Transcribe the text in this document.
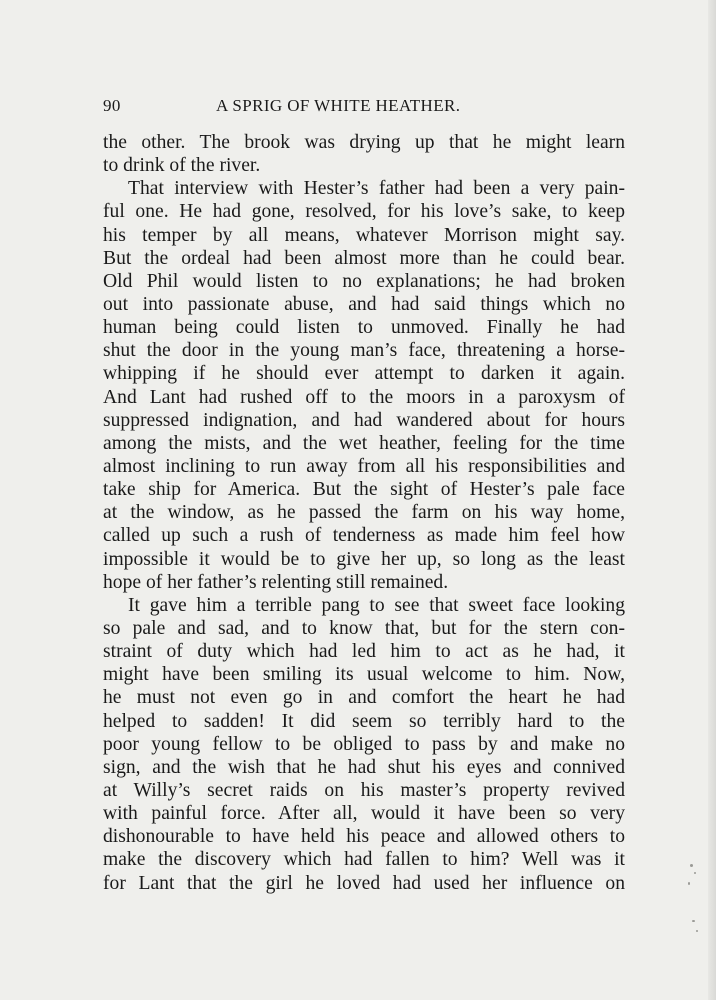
90	A SPRIG OF WHITE HEATHER.
the other. The brook was drying up that he might learn
to drink of the river.
That interview with Hester’s father had been a very pain-
ful one. He had gone, resolved, for his love’s sake, to keep
his temper by all means, whatever Morrison might say.
But the ordeal had been almost more than he could bear.
Old Phil would listen to no explanations; he had broken
out into passionate abuse, and had said things which no
human being could listen to unmoved. Finally he had
shut the door in the young man’s face, threatening a horse-
whipping if he should ever attempt to darken it again.
And Lant had rushed off to the moors in a paroxysm of
suppressed indignation, and had wandered about for hours
among the mists, and the wet heather, feeling for the time
almost inclining to run away from all his responsibilities and
take ship for America. But the sight of Hester’s pale face
at the window, as he passed the farm on his way home,
called up such a rush of tenderness as made him feel how
impossible it would be to give her up, so long as the least
hope of her father’s relenting still remained.
It gave him a terrible pang to see that sweet face looking
so pale and sad, and to know that, but for the stern con-
straint of duty which had led him to act as he had, it
might have been smiling its usual welcome to him. Now,
he must not even go in and comfort the heart he had
helped to sadden! It did seem so terribly hard to the
poor young fellow to be obliged to pass by and make no
sign, and the wish that he had shut his eyes and connived
at Willy’s secret raids on his master’s property revived
with painful force. After all, would it have been so very
dishonourable to have held his peace and allowed others to
make the discovery which had fallen to him? Well was it
for Lant that the girl he loved had used her influence on
